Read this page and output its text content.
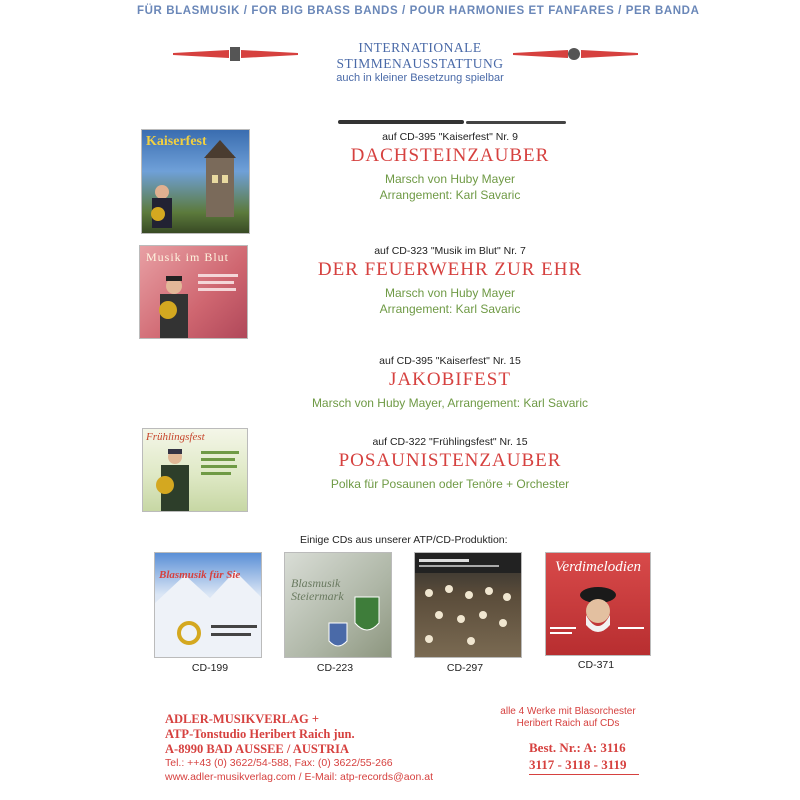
FÜR BLASMUSIK / FOR BIG BRASS BANDS / POUR HARMONIES ET FANFARES / PER BANDA
INTERNATIONALE
STIMMENAUSSTATTUNG
auch in kleiner Besetzung spielbar
Kaiserfest	auf CD-395 "Kaiserfest" Nr. 9
DACHSTEINZAUBER
Marsch von Huby Mayer
Arrangement: Karl Savaric
Musik im Blut	auf CD-323 "Musik im Blut" Nr. 7
DER FEUERWEHR ZUR EHR
Marsch von Huby Mayer
Arrangement: Karl Savaric
auf CD-395 "Kaiserfest" Nr. 15
JAKOBIFEST
Marsch von Huby Mayer, Arrangement: Karl Savaric
Frühlingsfest	auf CD-322 "Frühlingsfest" Nr. 15
POSAUNISTENZAUBER
Polka für Posaunen oder Tenöre + Orchester
Einige CDs aus unserer ATP/CD-Produktion:
Blasmusik für Sie
CD-199
Blasmusik Steiermark
CD-223	CD-297
Verdimelodien
CD-371
ADLER-MUSIKVERLAG +
ATP-Tonstudio Heribert Raich jun.
A-8990 BAD AUSSEE / AUSTRIA
Tel.: ++43 (0) 3622/54-588, Fax: (0) 3622/55-266
www.adler-musikverlag.com / E-Mail: atp-records@aon.at
alle 4 Werke mit Blasorchester
Heribert Raich auf CDs
Best. Nr.: A: 3116
3117 - 3118 - 3119
